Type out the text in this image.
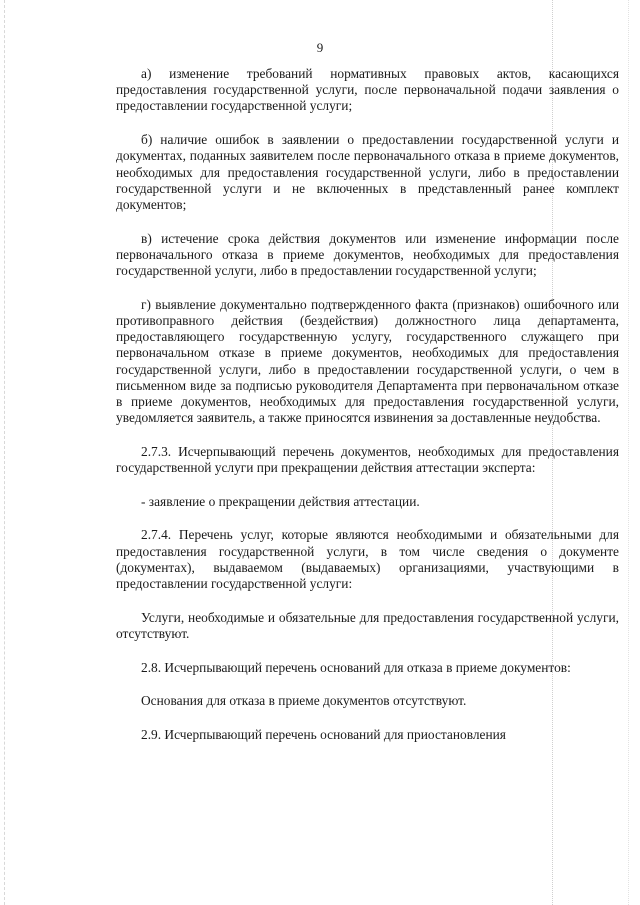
9

а) изменение требований нормативных правовых актов, касающихся предоставления государственной услуги, после первоначальной подачи заявления о предоставлении государственной услуги;

б) наличие ошибок в заявлении о предоставлении государственной услуги и документах, поданных заявителем после первоначального отказа в приеме документов, необходимых для предоставления государственной услуги, либо в предоставлении государственной услуги и не включенных в представленный ранее комплект документов;

в) истечение срока действия документов или изменение информации после первоначального отказа в приеме документов, необходимых для предоставления государственной услуги, либо в предоставлении государственной услуги;

г) выявление документально подтвержденного факта (признаков) ошибочного или противоправного действия (бездействия) должностного лица департамента, предоставляющего государственную услугу, государственного служащего при первоначальном отказе в приеме документов, необходимых для предоставления государственной услуги, либо в предоставлении государственной услуги, о чем в письменном виде за подписью руководителя Департамента при первоначальном отказе в приеме документов, необходимых для предоставления государственной услуги, уведомляется заявитель, а также приносятся извинения за доставленные неудобства.

2.7.3. Исчерпывающий перечень документов, необходимых для предоставления государственной услуги при прекращении действия аттестации эксперта:

- заявление о прекращении действия аттестации.

2.7.4. Перечень услуг, которые являются необходимыми и обязательными для предоставления государственной услуги, в том числе сведения о документе (документах), выдаваемом (выдаваемых) организациями, участвующими в предоставлении государственной услуги:

Услуги, необходимые и обязательные для предоставления государственной услуги, отсутствуют.

2.8. Исчерпывающий перечень оснований для отказа в приеме документов:

Основания для отказа в приеме документов отсутствуют.

2.9. Исчерпывающий перечень оснований для приостановления
